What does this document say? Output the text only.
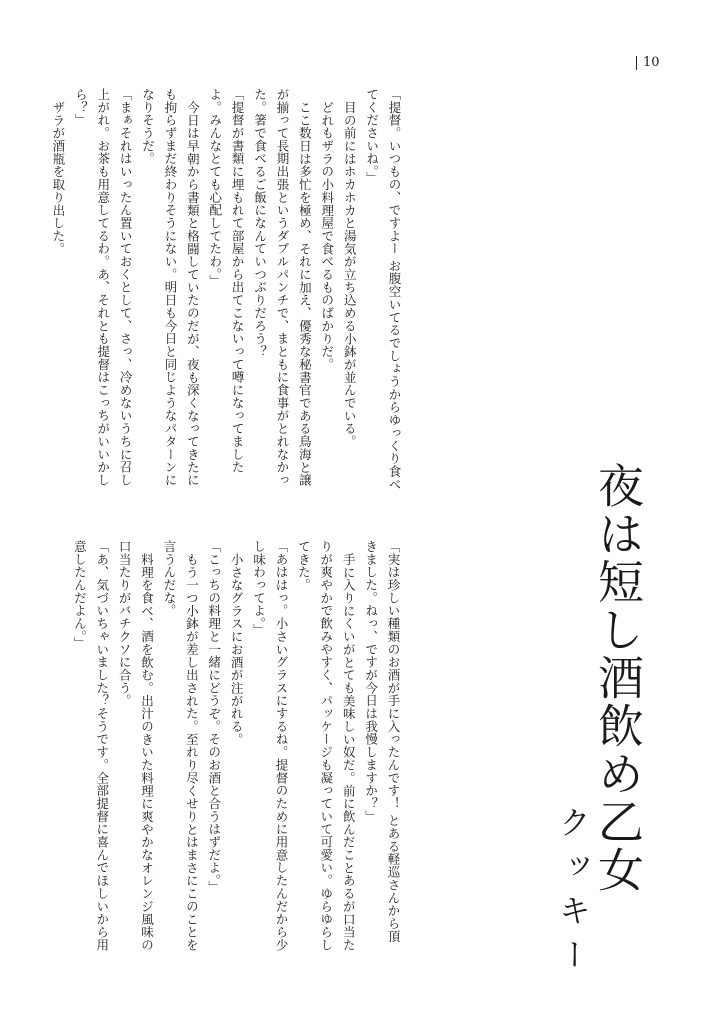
10

「提督。いつもの、ですよー お腹空いてるでしょうからゆっくり食べてくださいね。」

目の前にはホカホカと湯気が立ち込める小鉢が並んでいる。

どれもザラの小料理屋で食べるものばかりだ。

ここ数日は多忙を極め、それに加え、優秀な秘書官である鳥海と譲が揃って長期出張というダブルパンチで、まともに食事がとれなかった。箸で食べるご飯になんていつぶりだろう？

「提督が書類に埋もれて部屋から出てこないって噂になってましたよ。みんなとても心配してたわ。」

今日は早朝から書類と格闘していたのだが、夜も深くなってきたにも拘らずまだ終わりそうにない。明日も今日と同じようなパターンになりそうだ。

「まぁそれはいったん置いておくとして、さっ、冷めないうちに召し上がれ。お茶も用意してるわ。あ、それとも提督はこっちがいいかしら？」

ザラが酒瓶を取り出した。

「実は珍しい種類のお酒が手に入ったんです！ とある軽巡さんから頂きました。ねっ、ですが今日は我慢しますか？」

手に入りにくいがとても美味しい奴だ。前に飲んだことあるが口当たりが爽やかで飲みやすく、パッケージも凝っていて可愛い。ゆらゆらしてきた。

「あははっ。小さいグラスにするね。提督のために用意したんだから少し味わってよ。」

小さなグラスにお酒が注がれる。

「こっちの料理と一緒にどうぞ。そのお酒と合うはずだよ。」

もう一つ小鉢が差し出された。至れり尽くせりとはまさにこのことを言うんだな。

料理を食べ、酒を飲む。出汁のきいた料理に爽やかなオレンジ風味の口当たりがバチクソに合う。

「あ、気づいちゃいました？そうです。全部提督に喜んでほしいから用意したんだよん。」	夜は短し酒飲め乙女
クッキー
